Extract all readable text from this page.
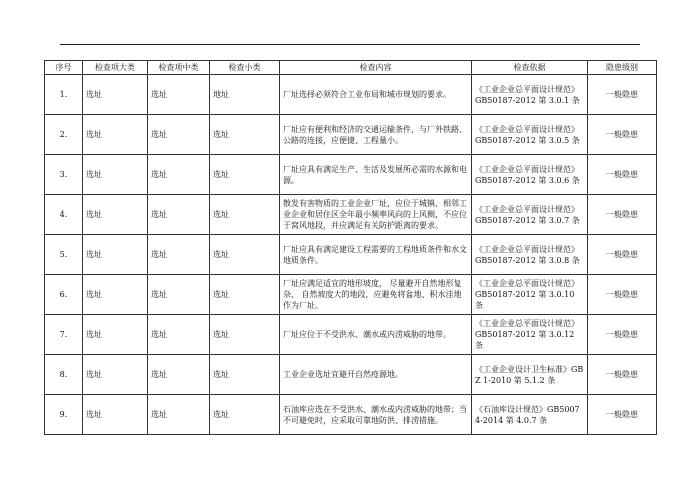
序号	检查项大类	检查项中类	检查小类	检查内容	检查依据	隐患级别
1.	选址	选址	地址	厂址选择必须符合工业布局和城市规划的要求。	《工业企业总平面设计规范》GB50187-2012 第 3.0.1 条	一般隐患
2.	选址	选址	选址	厂址应有便利和经济的交通运输条件，与厂外铁路、公路的连接，应便捷、工程量小。	《工业企业总平面设计规范》GB50187-2012 第 3.0.5 条	一般隐患
3.	选址	选址	选址	厂址应具有满足生产、生活及发展所必需的水源和电源。	《工业企业总平面设计规范》GB50187-2012 第 3.0.6 条	一般隐患
4.	选址	选址	选址	散发有害物质的工业企业厂址，应位于城镇、相邻工业企业和居住区全年最小频率风向的上风侧，不应位于窝风地段，并应满足有关防护距离的要求。	《工业企业总平面设计规范》GB50187-2012 第 3.0.7 条	一般隐患
5.	选址	选址	选址	厂址应具有满足建设工程需要的工程地质条件和水文地质条件。	《工业企业总平面设计规范》GB50187-2012 第 3.0.8 条	一般隐患
6.	选址	选址	选址	厂址应满足适宜的地形坡度， 尽量避开自然地形复杂、 自然坡度大的地段，应避免将盆地、积水洼地作为厂址。	《工业企业总平面设计规范》GB50187-2012 第 3.0.10 条	一般隐患
7.	选址	选址	选址	厂址应位于不受洪水、潮水或内涝威胁的地带。	《工业企业总平面设计规范》GB50187-2012 第 3.0.12 条	一般隐患
8.	选址	选址	选址	工业企业选址宜避开自然疫源地。	《工业企业设计卫生标准》GBZ 1-2010 第 5.1.2 条	一般隐患
9.	选址	选址	选址	石油库应选在不受洪水、潮水或内涝威胁的地带；当不可避免时，应采取可靠地防洪、排涝措施。	《石油库设计规范》GB50074-2014 第 4.0.7 条	一般隐患
